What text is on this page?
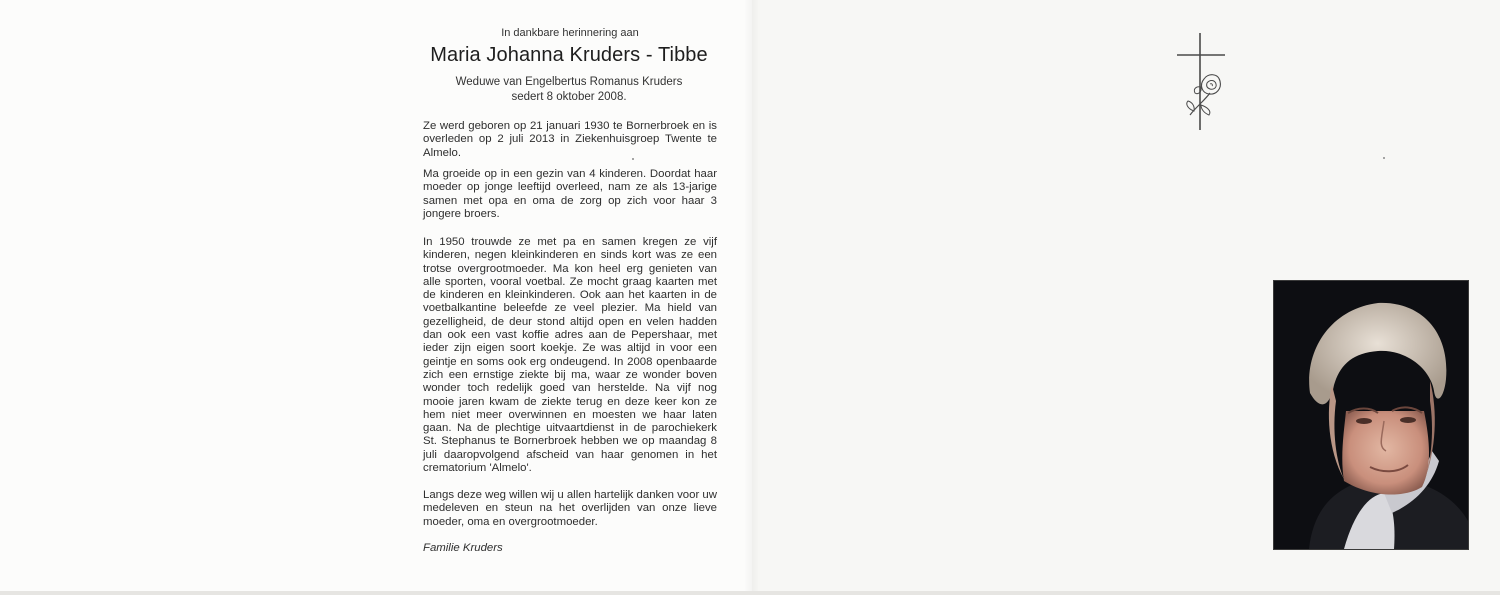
In dankbare herinnering aan
Maria Johanna Kruders - Tibbe
Weduwe van Engelbertus Romanus Kruders
sedert 8 oktober 2008.

Ze werd geboren op 21 januari 1930 te Bornerbroek en is overleden op 2 juli 2013 in Ziekenhuisgroep Twente te Almelo.

Ma groeide op in een gezin van 4 kinderen. Doordat haar moeder op jonge leeftijd overleed, nam ze als 13-jarige samen met opa en oma de zorg op zich voor haar 3 jongere broers.

In 1950 trouwde ze met pa en samen kregen ze vijf kinderen, negen kleinkinderen en sinds kort was ze een trotse overgrootmoeder. Ma kon heel erg genieten van alle sporten, vooral voetbal. Ze mocht graag kaarten met de kinderen en kleinkinderen. Ook aan het kaarten in de voetbalkantine beleefde ze veel plezier. Ma hield van gezelligheid, de deur stond altijd open en velen hadden dan ook een vast koffie adres aan de Pepershaar, met ieder zijn eigen soort koekje. Ze was altijd in voor een geintje en soms ook erg ondeugend. In 2008 openbaarde zich een ernstige ziekte bij ma, waar ze wonder boven wonder toch redelijk goed van herstelde. Na vijf nog mooie jaren kwam de ziekte terug en deze keer kon ze hem niet meer overwinnen en moesten we haar laten gaan. Na de plechtige uitvaartdienst in de parochiekerk St. Stephanus te Bornerbroek hebben we op maandag 8 juli daaropvolgend afscheid van haar genomen in het crematorium 'Almelo'.

Langs deze weg willen wij u allen hartelijk danken voor uw medeleven en steun na het overlijden van onze lieve moeder, oma en overgrootmoeder.

Familie Kruders
